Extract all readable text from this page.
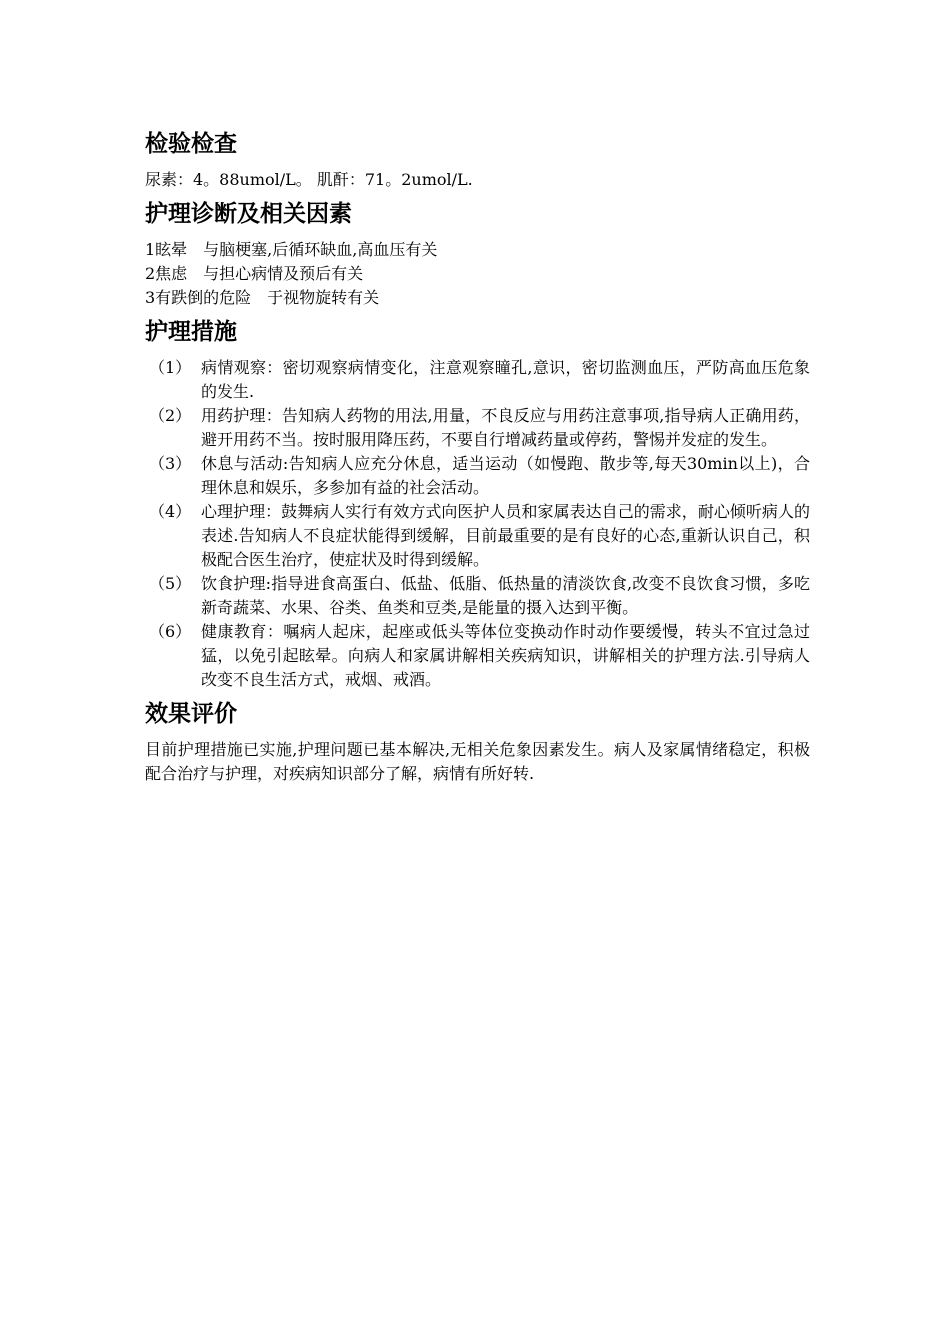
检验检查
尿素：4。88umol/L。 肌酐：71。2umol/L.
护理诊断及相关因素
1眩晕　与脑梗塞,后循环缺血,高血压有关
2焦虑　与担心病情及预后有关
3有跌倒的危险　于视物旋转有关
护理措施
（1） 病情观察：密切观察病情变化，注意观察瞳孔,意识，密切监测血压，严防高血压危象的发生.
（2） 用药护理：告知病人药物的用法,用量，不良反应与用药注意事项,指导病人正确用药，避开用药不当。按时服用降压药，不要自行增减药量或停药，警惕并发症的发生。
（3） 休息与活动:告知病人应充分休息，适当运动（如慢跑、散步等,每天30min以上)，合理休息和娱乐，多参加有益的社会活动。
（4） 心理护理：鼓舞病人实行有效方式向医护人员和家属表达自己的需求，耐心倾听病人的表述.告知病人不良症状能得到缓解，目前最重要的是有良好的心态,重新认识自己，积极配合医生治疗，使症状及时得到缓解。
（5） 饮食护理:指导进食高蛋白、低盐、低脂、低热量的清淡饮食,改变不良饮食习惯，多吃新奇蔬菜、水果、谷类、鱼类和豆类,是能量的摄入达到平衡。
（6） 健康教育：嘱病人起床，起座或低头等体位变换动作时动作要缓慢，转头不宜过急过猛，以免引起眩晕。向病人和家属讲解相关疾病知识，讲解相关的护理方法.引导病人改变不良生活方式，戒烟、戒酒。
效果评价
目前护理措施已实施,护理问题已基本解决,无相关危象因素发生。病人及家属情绪稳定，积极配合治疗与护理，对疾病知识部分了解，病情有所好转.
